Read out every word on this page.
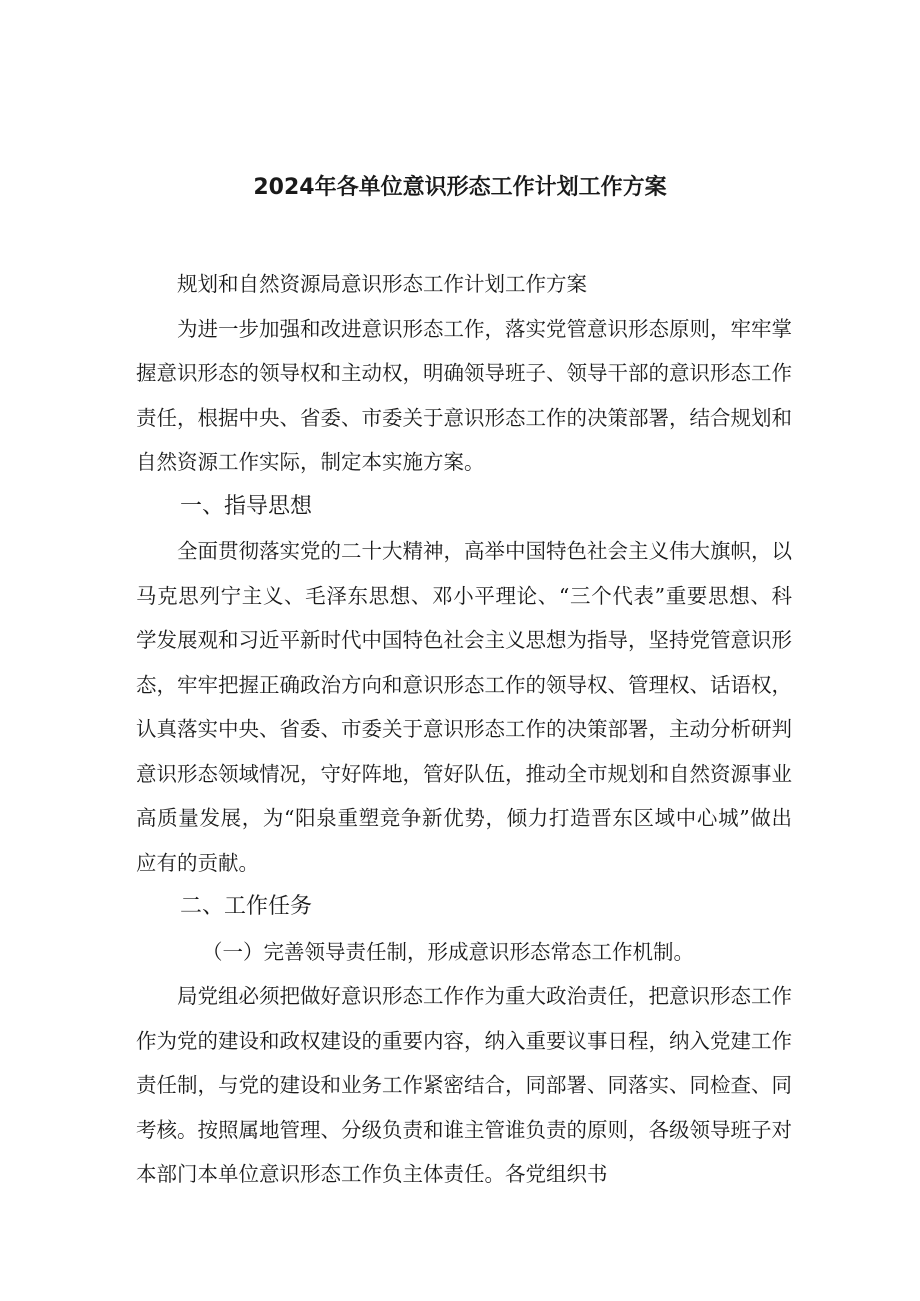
2024年各单位意识形态工作计划工作方案

规划和自然资源局意识形态工作计划工作方案

为进一步加强和改进意识形态工作，落实党管意识形态原则，牢牢掌握意识形态的领导权和主动权，明确领导班子、领导干部的意识形态工作责任，根据中央、省委、市委关于意识形态工作的决策部署，结合规划和自然资源工作实际，制定本实施方案。

一、指导思想

全面贯彻落实党的二十大精神，高举中国特色社会主义伟大旗帜，以马克思列宁主义、毛泽东思想、邓小平理论、“三个代表”重要思想、科学发展观和习近平新时代中国特色社会主义思想为指导，坚持党管意识形态，牢牢把握正确政治方向和意识形态工作的领导权、管理权、话语权，认真落实中央、省委、市委关于意识形态工作的决策部署，主动分析研判意识形态领域情况，守好阵地，管好队伍，推动全市规划和自然资源事业高质量发展，为“阳泉重塑竞争新优势，倾力打造晋东区域中心城”做出应有的贡献。

二、工作任务

（一）完善领导责任制，形成意识形态常态工作机制。

局党组必须把做好意识形态工作作为重大政治责任，把意识形态工作作为党的建设和政权建设的重要内容，纳入重要议事日程，纳入党建工作责任制，与党的建设和业务工作紧密结合，同部署、同落实、同检查、同考核。按照属地管理、分级负责和谁主管谁负责的原则，各级领导班子对本部门本单位意识形态工作负主体责任。各党组织书
